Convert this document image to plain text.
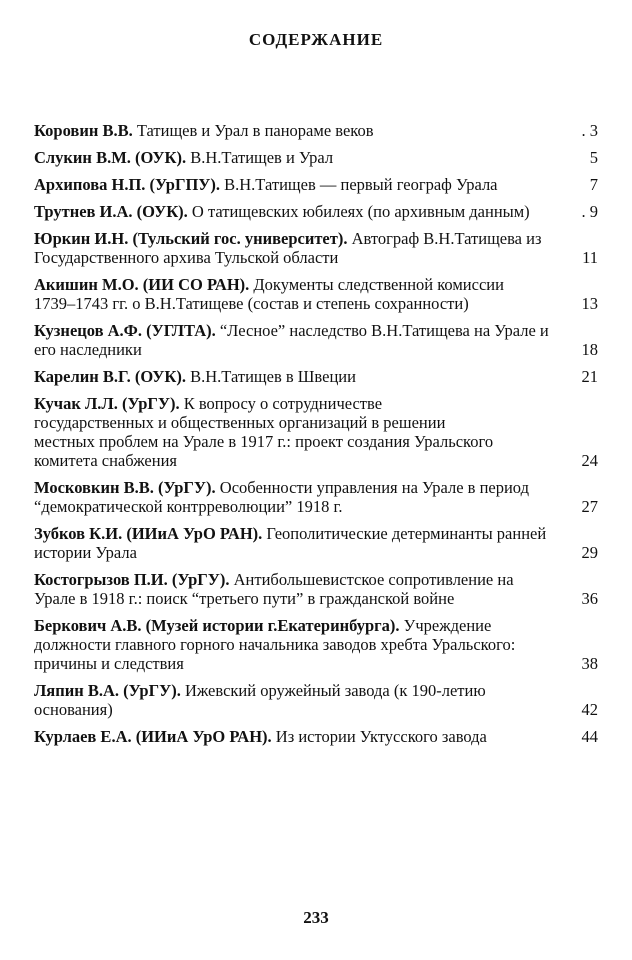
СОДЕРЖАНИЕ
Коровин В.В. Татищев и Урал в панораме веков	. 3
Слукин В.М. (ОУК). В.Н.Татищев и Урал	5
Архипова Н.П. (УрГПУ). В.Н.Татищев — первый географ Урала	7
Трутнев И.А. (ОУК). О татищевских юбилеях (по архивным данным)	. 9
Юркин И.Н. (Тульский гос. университет). Автограф В.Н.Татищева из Государственного архива Тульской области	11
Акишин М.О. (ИИ СО РАН). Документы следственной комиссии 1739–1743 гг. о В.Н.Татищеве (состав и степень сохранности)	13
Кузнецов А.Ф. (УГЛТА). “Лесное” наследство В.Н.Татищева на Урале и его наследники	18
Карелин В.Г. (ОУК). В.Н.Татищев в Швеции	21
Кучак Л.Л. (УрГУ). К вопросу о сотрудничестве государственных и общественных организаций в решении местных проблем на Урале в 1917 г.: проект создания Уральского комитета снабжения	24
Московкин В.В. (УрГУ). Особенности управления на Урале в период “демократической контрреволюции” 1918 г.	27
Зубков К.И. (ИИиА УрО РАН). Геополитические детерминанты ранней истории Урала	29
Костогрызов П.И. (УрГУ). Антибольшевистское сопротивление на Урале в 1918 г.: поиск “третьего пути” в гражданской войне	36
Беркович А.В. (Музей истории г.Екатеринбурга). Учреждение должности главного горного начальника заводов хребта Уральского: причины и следствия	38
Ляпин В.А. (УрГУ). Ижевский оружейный завода (к 190-летию основания)	42
Курлаев Е.А. (ИИиА УрО РАН). Из истории Уктусского завода	44
233
